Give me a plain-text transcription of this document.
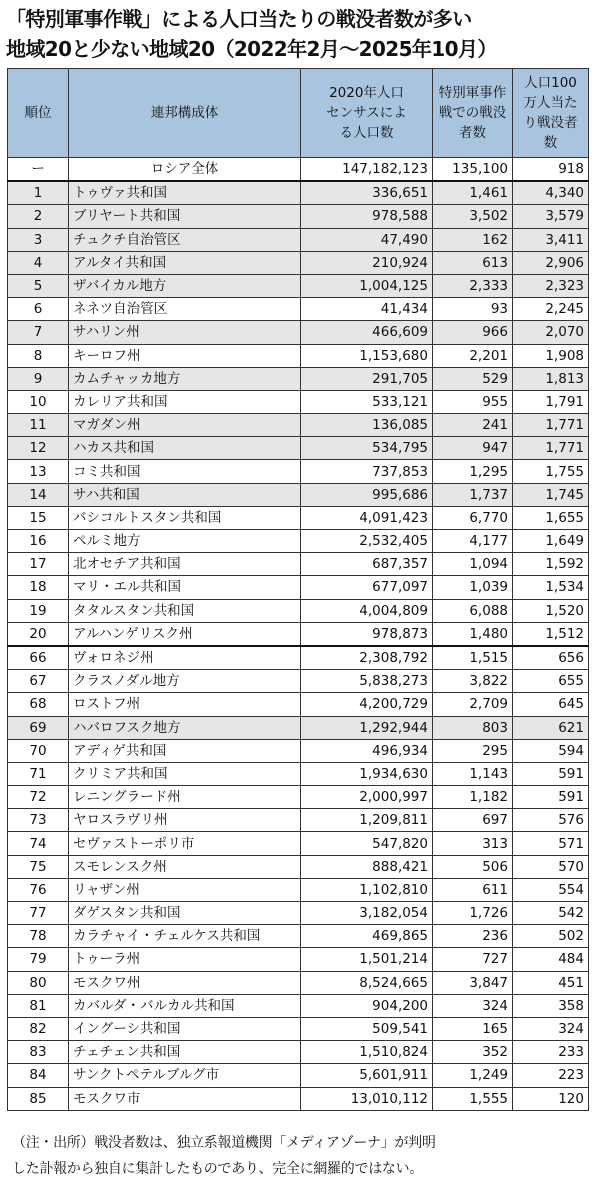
「特別軍事作戦」による人口当たりの戦没者数が多い
地域20と少ない地域20（2022年2月～2025年10月）
順位	連邦構成体	2020年人口センサスによる人口数	特別軍事作戦での戦没者数	人口100万人当たり戦没者数
ー	ロシア全体	147,182,123	135,100	918
1	トゥヴァ共和国	336,651	1,461	4,340
2	ブリヤート共和国	978,588	3,502	3,579
3	チュクチ自治管区	47,490	162	3,411
4	アルタイ共和国	210,924	613	2,906
5	ザバイカル地方	1,004,125	2,333	2,323
6	ネネツ自治管区	41,434	93	2,245
7	サハリン州	466,609	966	2,070
8	キーロフ州	1,153,680	2,201	1,908
9	カムチャッカ地方	291,705	529	1,813
10	カレリア共和国	533,121	955	1,791
11	マガダン州	136,085	241	1,771
12	ハカス共和国	534,795	947	1,771
13	コミ共和国	737,853	1,295	1,755
14	サハ共和国	995,686	1,737	1,745
15	バシコルトスタン共和国	4,091,423	6,770	1,655
16	ペルミ地方	2,532,405	4,177	1,649
17	北オセチア共和国	687,357	1,094	1,592
18	マリ・エル共和国	677,097	1,039	1,534
19	タタルスタン共和国	4,004,809	6,088	1,520
20	アルハンゲリスク州	978,873	1,480	1,512
66	ヴォロネジ州	2,308,792	1,515	656
67	クラスノダル地方	5,838,273	3,822	655
68	ロストフ州	4,200,729	2,709	645
69	ハバロフスク地方	1,292,944	803	621
70	アディゲ共和国	496,934	295	594
71	クリミア共和国	1,934,630	1,143	591
72	レニングラード州	2,000,997	1,182	591
73	ヤロスラヴリ州	1,209,811	697	576
74	セヴァストーポリ市	547,820	313	571
75	スモレンスク州	888,421	506	570
76	リャザン州	1,102,810	611	554
77	ダゲスタン共和国	3,182,054	1,726	542
78	カラチャイ・チェルケス共和国	469,865	236	502
79	トゥーラ州	1,501,214	727	484
80	モスクワ州	8,524,665	3,847	451
81	カバルダ・バルカル共和国	904,200	324	358
82	イングーシ共和国	509,541	165	324
83	チェチェン共和国	1,510,824	352	233
84	サンクトペテルブルグ市	5,601,911	1,249	223
85	モスクワ市	13,010,112	1,555	120
（注・出所）戦没者数は、独立系報道機関「メディアゾーナ」が判明
した訃報から独自に集計したものであり、完全に網羅的ではない。
